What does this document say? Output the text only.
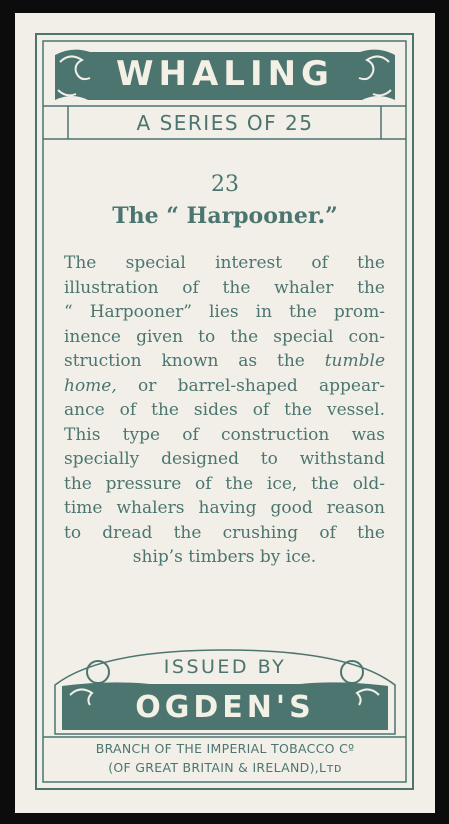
WHALING
A SERIES OF 25
23
The “ Harpooner.”
The special interest of the
illustration of the whaler the
“ Harpooner” lies in the prom-
inence given to the special con-
struction known as the tumble
home, or barrel-shaped appear-
ance of the sides of the vessel.
This type of construction was
specially designed to withstand
the pressure of the ice, the old-
time whalers having good reason
to dread the crushing of the
ship’s timbers by ice.
ISSUED BY
OGDEN'S
BRANCH OF THE IMPERIAL TOBACCO Cº
(OF GREAT BRITAIN & IRELAND),Lᴛᴅ
